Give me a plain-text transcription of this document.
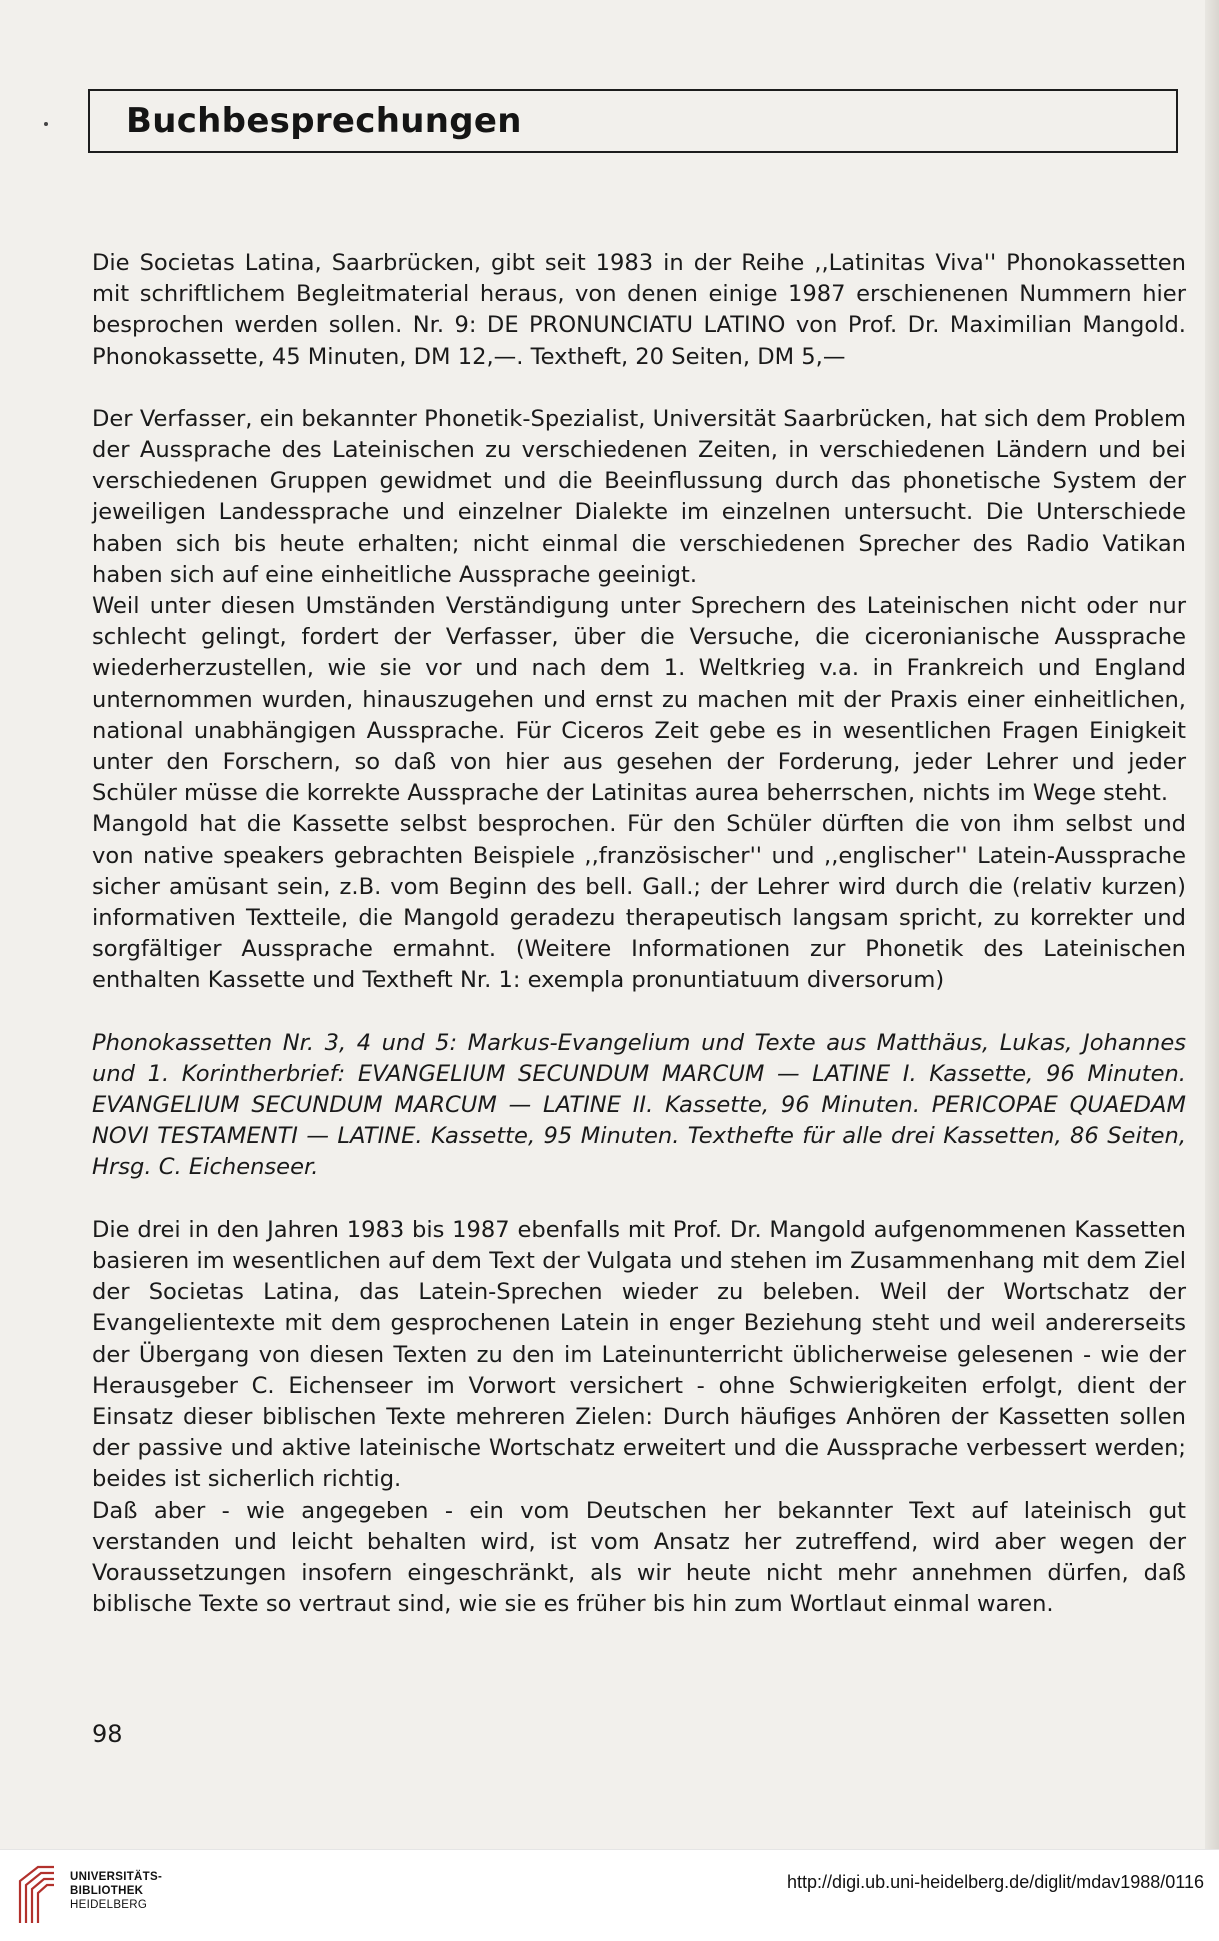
Buchbesprechungen

Die Societas Latina, Saarbrücken, gibt seit 1983 in der Reihe ,,Latinitas Viva'' Phonokassetten mit schriftlichem Begleitmaterial heraus, von denen einige 1987 erschienenen Nummern hier besprochen werden sollen. Nr. 9: DE PRONUNCIATU LATINO von Prof. Dr. Maximilian Mangold. Phonokassette, 45 Minuten, DM 12,—. Textheft, 20 Seiten, DM 5,—

Der Verfasser, ein bekannter Phonetik-Spezialist, Universität Saarbrücken, hat sich dem Problem der Aussprache des Lateinischen zu verschiedenen Zeiten, in verschiedenen Ländern und bei verschiedenen Gruppen gewidmet und die Beeinflussung durch das phonetische System der jeweiligen Landessprache und einzelner Dialekte im einzelnen untersucht. Die Unterschiede haben sich bis heute erhalten; nicht einmal die verschiedenen Sprecher des Radio Vatikan haben sich auf eine einheitliche Aussprache geeinigt.

Weil unter diesen Umständen Verständigung unter Sprechern des Lateinischen nicht oder nur schlecht gelingt, fordert der Verfasser, über die Versuche, die ciceronianische Aussprache wiederherzustellen, wie sie vor und nach dem 1. Weltkrieg v.a. in Frankreich und England unternommen wurden, hinauszugehen und ernst zu machen mit der Praxis einer einheitlichen, national unabhängigen Aussprache. Für Ciceros Zeit gebe es in wesentlichen Fragen Einigkeit unter den Forschern, so daß von hier aus gesehen der Forderung, jeder Lehrer und jeder Schüler müsse die korrekte Aussprache der Latinitas aurea beherrschen, nichts im Wege steht.

Mangold hat die Kassette selbst besprochen. Für den Schüler dürften die von ihm selbst und von native speakers gebrachten Beispiele ,,französischer'' und ,,englischer'' Latein-Aussprache sicher amüsant sein, z.B. vom Beginn des bell. Gall.; der Lehrer wird durch die (relativ kurzen) informativen Textteile, die Mangold geradezu therapeutisch langsam spricht, zu korrekter und sorgfältiger Aussprache ermahnt. (Weitere Informationen zur Phonetik des Lateinischen enthalten Kassette und Textheft Nr. 1: exempla pronuntiatuum diversorum)

Phonokassetten Nr. 3, 4 und 5: Markus-Evangelium und Texte aus Matthäus, Lukas, Johannes und 1. Korintherbrief: EVANGELIUM SECUNDUM MARCUM — LATINE I. Kassette, 96 Minuten. EVANGELIUM SECUNDUM MARCUM — LATINE II. Kassette, 96 Minuten. PERICOPAE QUAEDAM NOVI TESTAMENTI — LATINE. Kassette, 95 Minuten. Texthefte für alle drei Kassetten, 86 Seiten, Hrsg. C. Eichenseer.

Die drei in den Jahren 1983 bis 1987 ebenfalls mit Prof. Dr. Mangold aufgenommenen Kassetten basieren im wesentlichen auf dem Text der Vulgata und stehen im Zusammenhang mit dem Ziel der Societas Latina, das Latein-Sprechen wieder zu beleben. Weil der Wortschatz der Evangelientexte mit dem gesprochenen Latein in enger Beziehung steht und weil andererseits der Übergang von diesen Texten zu den im Lateinunterricht üblicherweise gelesenen - wie der Herausgeber C. Eichenseer im Vorwort versichert - ohne Schwierigkeiten erfolgt, dient der Einsatz dieser biblischen Texte mehreren Zielen: Durch häufiges Anhören der Kassetten sollen der passive und aktive lateinische Wortschatz erweitert und die Aussprache verbessert werden; beides ist sicherlich richtig.

Daß aber - wie angegeben - ein vom Deutschen her bekannter Text auf lateinisch gut verstanden und leicht behalten wird, ist vom Ansatz her zutreffend, wird aber wegen der Voraussetzungen insofern eingeschränkt, als wir heute nicht mehr annehmen dürfen, daß biblische Texte so vertraut sind, wie sie es früher bis hin zum Wortlaut einmal waren.

98
UNIVERSITÄTS-
BIBLIOTHEK
HEIDELBERG
http://digi.ub.uni-heidelberg.de/diglit/mdav1988/0116
